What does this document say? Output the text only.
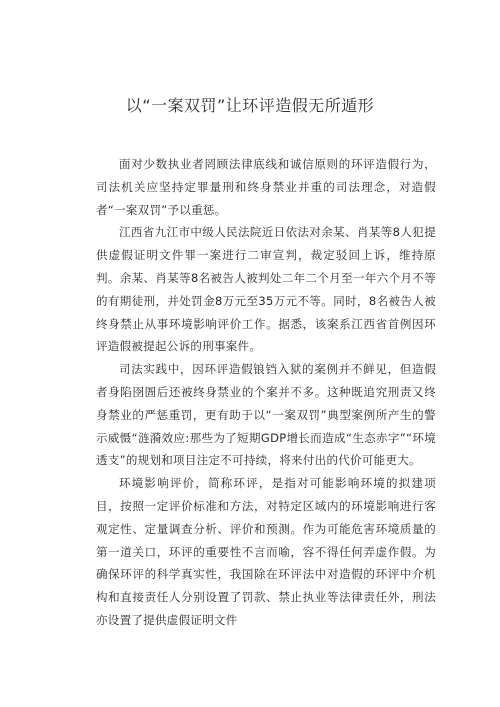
以“一案双罚”让环评造假无所遁形

面对少数执业者罔顾法律底线和诚信原则的环评造假行为，司法机关应坚持定罪量刑和终身禁业并重的司法理念，对造假者“一案双罚”予以重惩。

江西省九江市中级人民法院近日依法对余某、肖某等8人犯提供虚假证明文件罪一案进行二审宣判，裁定驳回上诉，维持原判。余某、肖某等8名被告人被判处二年二个月至一年六个月不等的有期徒刑，并处罚金8万元至35万元不等。同时，8名被告人被终身禁止从事环境影响评价工作。据悉，该案系江西省首例因环评造假被提起公诉的刑事案件。

司法实践中，因环评造假锒铛入狱的案例并不鲜见，但造假者身陷囹圄后还被终身禁业的个案并不多。这种既追究刑责又终身禁业的严惩重罚，更有助于以“一案双罚”典型案例所产生的警示威慑“涟漪效应:那些为了短期GDP增长而造成“生态赤字”“环境透支”的规划和项目注定不可持续，将来付出的代价可能更大。

环境影响评价，简称环评，是指对可能影响环境的拟建项目，按照一定评价标准和方法，对特定区域内的环境影响进行客观定性、定量调查分析、评价和预测。作为可能危害环境质量的第一道关口，环评的重要性不言而喻，容不得任何弄虚作假。为确保环评的科学真实性，我国除在环评法中对造假的环评中介机构和直接责任人分别设置了罚款、禁止执业等法律责任外，刑法亦设置了提供虚假证明文件
